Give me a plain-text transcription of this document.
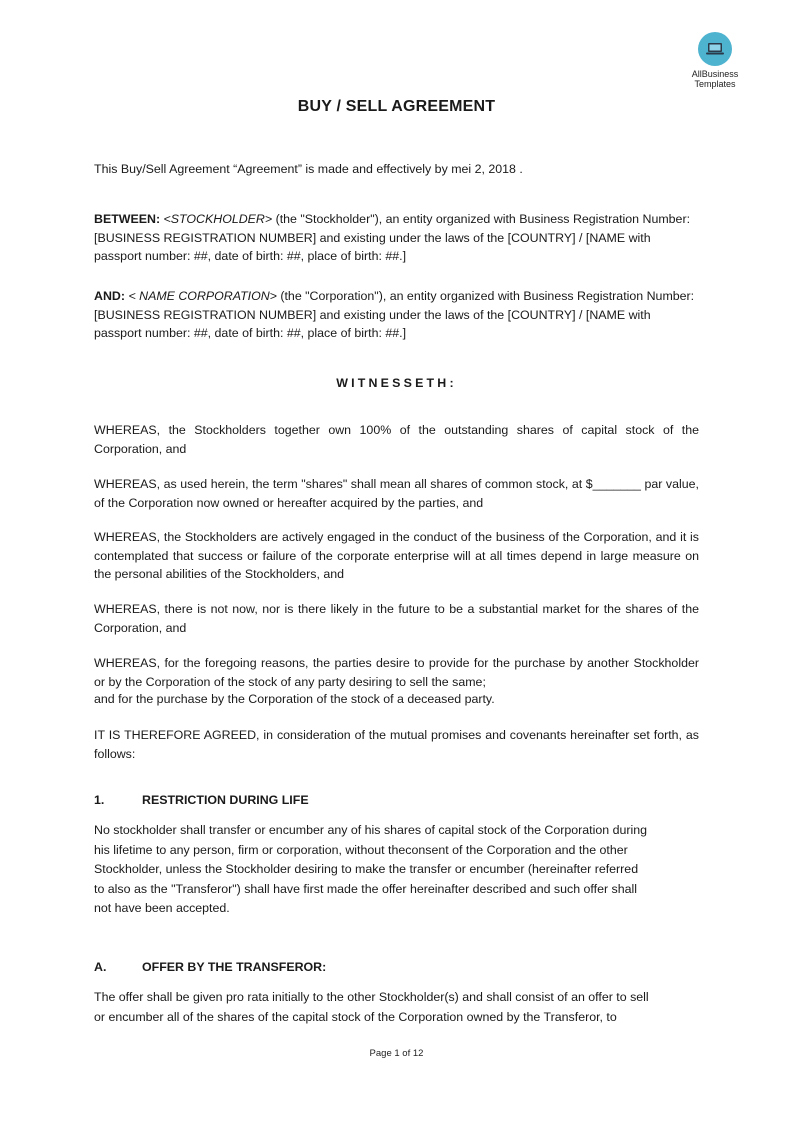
AllBusiness
Templates
BUY / SELL AGREEMENT

This Buy/Sell Agreement “Agreement” is made and effectively by mei 2, 2018 .

BETWEEN: <STOCKHOLDER> (the "Stockholder"), an entity organized with Business Registration Number: [BUSINESS REGISTRATION NUMBER] and existing under the laws of the [COUNTRY] / [NAME with passport number: ##, date of birth: ##, place of birth: ##.]

AND: < NAME CORPORATION> (the "Corporation"), an entity organized with Business Registration Number: [BUSINESS REGISTRATION NUMBER] and existing under the laws of the [COUNTRY] / [NAME with passport number: ##, date of birth: ##, place of birth: ##.]

WITNESSETH:

WHEREAS, the Stockholders together own 100% of the outstanding shares of capital stock of the Corporation, and

WHEREAS, as used herein, the term "shares" shall mean all shares of common stock, at $_______ par value, of the Corporation now owned or hereafter acquired by the parties, and

WHEREAS, the Stockholders are actively engaged in the conduct of the business of the Corporation, and it is contemplated that success or failure of the corporate enterprise will at all times depend in large measure on the personal abilities of the Stockholders, and

WHEREAS, there is not now, nor is there likely in the future to be a substantial market for the shares of the Corporation, and

WHEREAS, for the foregoing reasons, the parties desire to provide for the purchase by another Stockholder or by the Corporation of the stock of any party desiring to sell the same;

and for the purchase by the Corporation of the stock of a deceased party.

IT IS THEREFORE AGREED, in consideration of the mutual promises and covenants hereinafter set forth, as follows:

1.	RESTRICTION DURING LIFE

No stockholder shall transfer or encumber any of his shares of capital stock of the Corporation during
his lifetime to any person, firm or corporation, without theconsent of the Corporation and the other
Stockholder, unless the Stockholder desiring to make the transfer or encumber (hereinafter referred
to also as the "Transferor") shall have first made the offer hereinafter described and such offer shall
not have been accepted.

A.	OFFER BY THE TRANSFEROR:

The offer shall be given pro rata initially to the other Stockholder(s) and shall consist of an offer to sell
or encumber all of the shares of the capital stock of the Corporation owned by the Transferor, to
Page 1 of 12
